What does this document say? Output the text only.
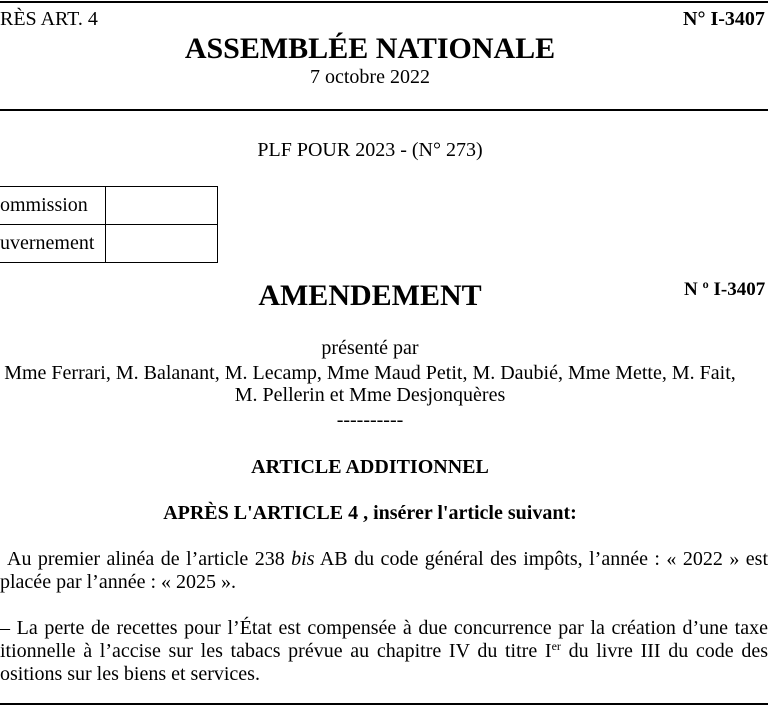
RÈS ART. 4	N° I-3407
ASSEMBLÉE NATIONALE
7 octobre 2022
PLF POUR 2023 - (N° 273)
ommission
uvernement
AMENDEMENT	N º I-3407
présenté par
Mme Ferrari, M. Balanant, M. Lecamp, Mme Maud Petit, M. Daubié, Mme Mette, M. Fait,
M. Pellerin et Mme Desjonquères
----------
ARTICLE ADDITIONNEL
APRÈS L'ARTICLE 4 , insérer l'article suivant:
Au premier alinéa de l’article 238 bis AB du code général des impôts, l’année : « 2022 » est
placée par l’année : « 2025 ».
– La perte de recettes pour l’État est compensée à due concurrence par la création d’une taxe
itionnelle à l’accise sur les tabacs prévue au chapitre IV du titre Ier du livre III du code des
ositions sur les biens et services.
